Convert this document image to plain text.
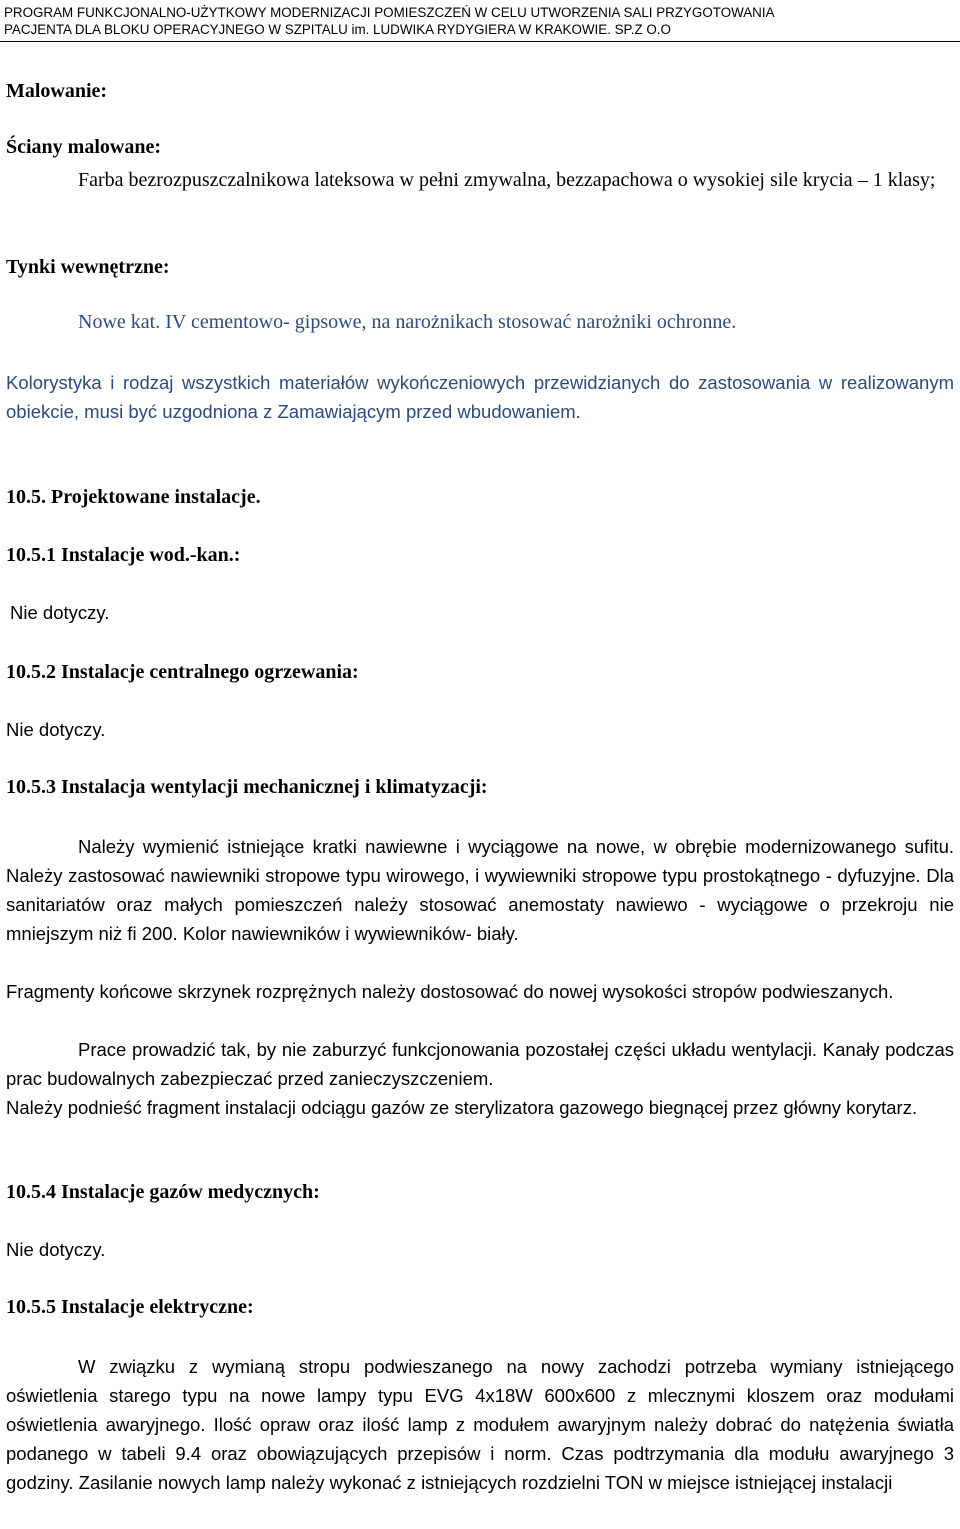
PROGRAM FUNKCJONALNO-UŻYTKOWY MODERNIZACJI POMIESZCZEŃ W CELU UTWORZENIA SALI PRZYGOTOWANIA
PACJENTA DLA BLOKU OPERACYJNEGO W SZPITALU im. LUDWIKA RYDYGIERA W KRAKOWIE. SP.Z O.O
Malowanie:
Ściany malowane:
Farba bezrozpuszczalnikowa lateksowa w pełni zmywalna, bezzapachowa o wysokiej sile krycia – 1 klasy;
Tynki wewnętrzne:
Nowe kat. IV cementowo- gipsowe, na narożnikach stosować narożniki ochronne.
Kolorystyka i rodzaj wszystkich materiałów wykończeniowych przewidzianych do zastosowania w realizowanym obiekcie, musi być uzgodniona z Zamawiającym przed wbudowaniem.
10.5. Projektowane instalacje.
10.5.1 Instalacje wod.-kan.:
Nie dotyczy.
10.5.2 Instalacje centralnego ogrzewania:
Nie dotyczy.
10.5.3 Instalacja wentylacji mechanicznej i klimatyzacji:
Należy wymienić istniejące kratki nawiewne i wyciągowe na nowe, w obrębie modernizowanego sufitu. Należy zastosować nawiewniki stropowe typu wirowego, i wywiewniki stropowe typu prostokątnego - dyfuzyjne. Dla sanitariatów oraz małych pomieszczeń należy stosować anemostaty nawiewo - wyciągowe o przekroju nie mniejszym niż fi 200. Kolor nawiewników i wywiewników- biały.
Fragmenty końcowe skrzynek rozprężnych należy dostosować do nowej wysokości stropów podwieszanych.
Prace prowadzić tak, by nie zaburzyć funkcjonowania pozostałej części układu wentylacji. Kanały podczas prac budowalnych zabezpieczać przed zanieczyszczeniem.
Należy podnieść fragment instalacji odciągu gazów ze sterylizatora gazowego biegnącej przez główny korytarz.
10.5.4 Instalacje gazów medycznych:
Nie dotyczy.
10.5.5 Instalacje elektryczne:
W związku z wymianą stropu podwieszanego na nowy zachodzi potrzeba wymiany istniejącego oświetlenia starego typu na nowe lampy typu EVG 4x18W 600x600 z mlecznymi kloszem oraz modułami oświetlenia awaryjnego. Ilość opraw oraz ilość lamp z modułem awaryjnym należy dobrać do natężenia światła podanego w tabeli 9.4 oraz obowiązujących przepisów i norm. Czas podtrzymania dla modułu awaryjnego 3 godziny. Zasilanie nowych lamp należy wykonać z istniejących rozdzielni TON w miejsce istniejącej instalacji
